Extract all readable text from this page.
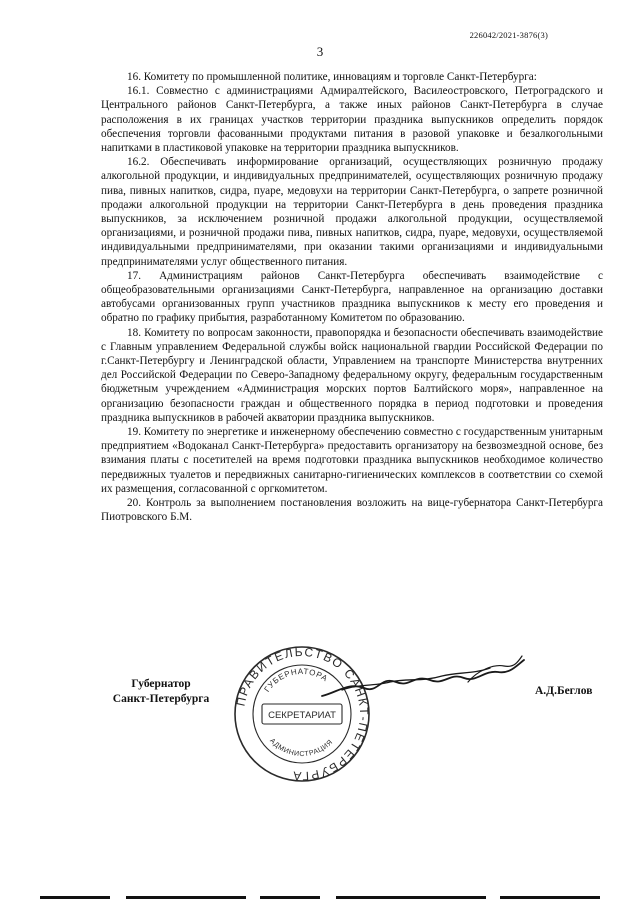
226042/2021-3876(3)
3

16. Комитету по промышленной политике, инновациям и торговле Санкт-Петербурга:

16.1. Совместно с администрациями Адмиралтейского, Василеостровского, Петроградского и Центрального районов Санкт-Петербурга, а также иных районов Санкт-Петербурга в случае расположения в их границах участков территории праздника выпускников определить порядок обеспечения торговли фасованными продуктами питания в разовой упаковке и безалкогольными напитками в пластиковой упаковке на территории праздника выпускников.

16.2. Обеспечивать информирование организаций, осуществляющих розничную продажу алкогольной продукции, и индивидуальных предпринимателей, осуществляющих розничную продажу пива, пивных напитков, сидра, пуаре, медовухи на территории Санкт-Петербурга, о запрете розничной продажи алкогольной продукции на территории Санкт-Петербурга в день проведения праздника выпускников, за исключением розничной продажи алкогольной продукции, осуществляемой организациями, и розничной продажи пива, пивных напитков, сидра, пуаре, медовухи, осуществляемой индивидуальными предпринимателями, при оказании такими организациями и индивидуальными предпринимателями услуг общественного питания.

17. Администрациям районов Санкт-Петербурга обеспечивать взаимодействие с общеобразовательными организациями Санкт-Петербурга, направленное на организацию доставки автобусами организованных групп участников праздника выпускников к месту его проведения и обратно по графику прибытия, разработанному Комитетом по образованию.

18. Комитету по вопросам законности, правопорядка и безопасности обеспечивать взаимодействие с Главным управлением Федеральной службы войск национальной гвардии Российской Федерации по г.Санкт-Петербургу и Ленинградской области, Управлением на транспорте Министерства внутренних дел Российской Федерации по Северо-Западному федеральному округу, федеральным государственным бюджетным учреждением «Администрация морских портов Балтийского моря», направленное на организацию безопасности граждан и общественного порядка в период подготовки и проведения праздника выпускников в рабочей акватории праздника выпускников.

19. Комитету по энергетике и инженерному обеспечению совместно с государственным унитарным предприятием «Водоканал Санкт-Петербурга» предоставить организатору на безвозмездной основе, без взимания платы с посетителей на время подготовки праздника выпускников необходимое количество передвижных туалетов и передвижных санитарно-гигиенических комплексов в соответствии со схемой их размещения, согласованной с оргкомитетом.

20. Контроль за выполнением постановления возложить на вице-губернатора Санкт-Петербурга Пиотровского Б.М.

Губернатор
Санкт-Петербурга	ПРАВИТЕЛЬСТВО САНКТ-ПЕТЕРБУРГА
ГУБЕРНАТОРА
АДМИНИСТРАЦИЯ
СЕКРЕТАРИАТ
А.Д.Беглов
